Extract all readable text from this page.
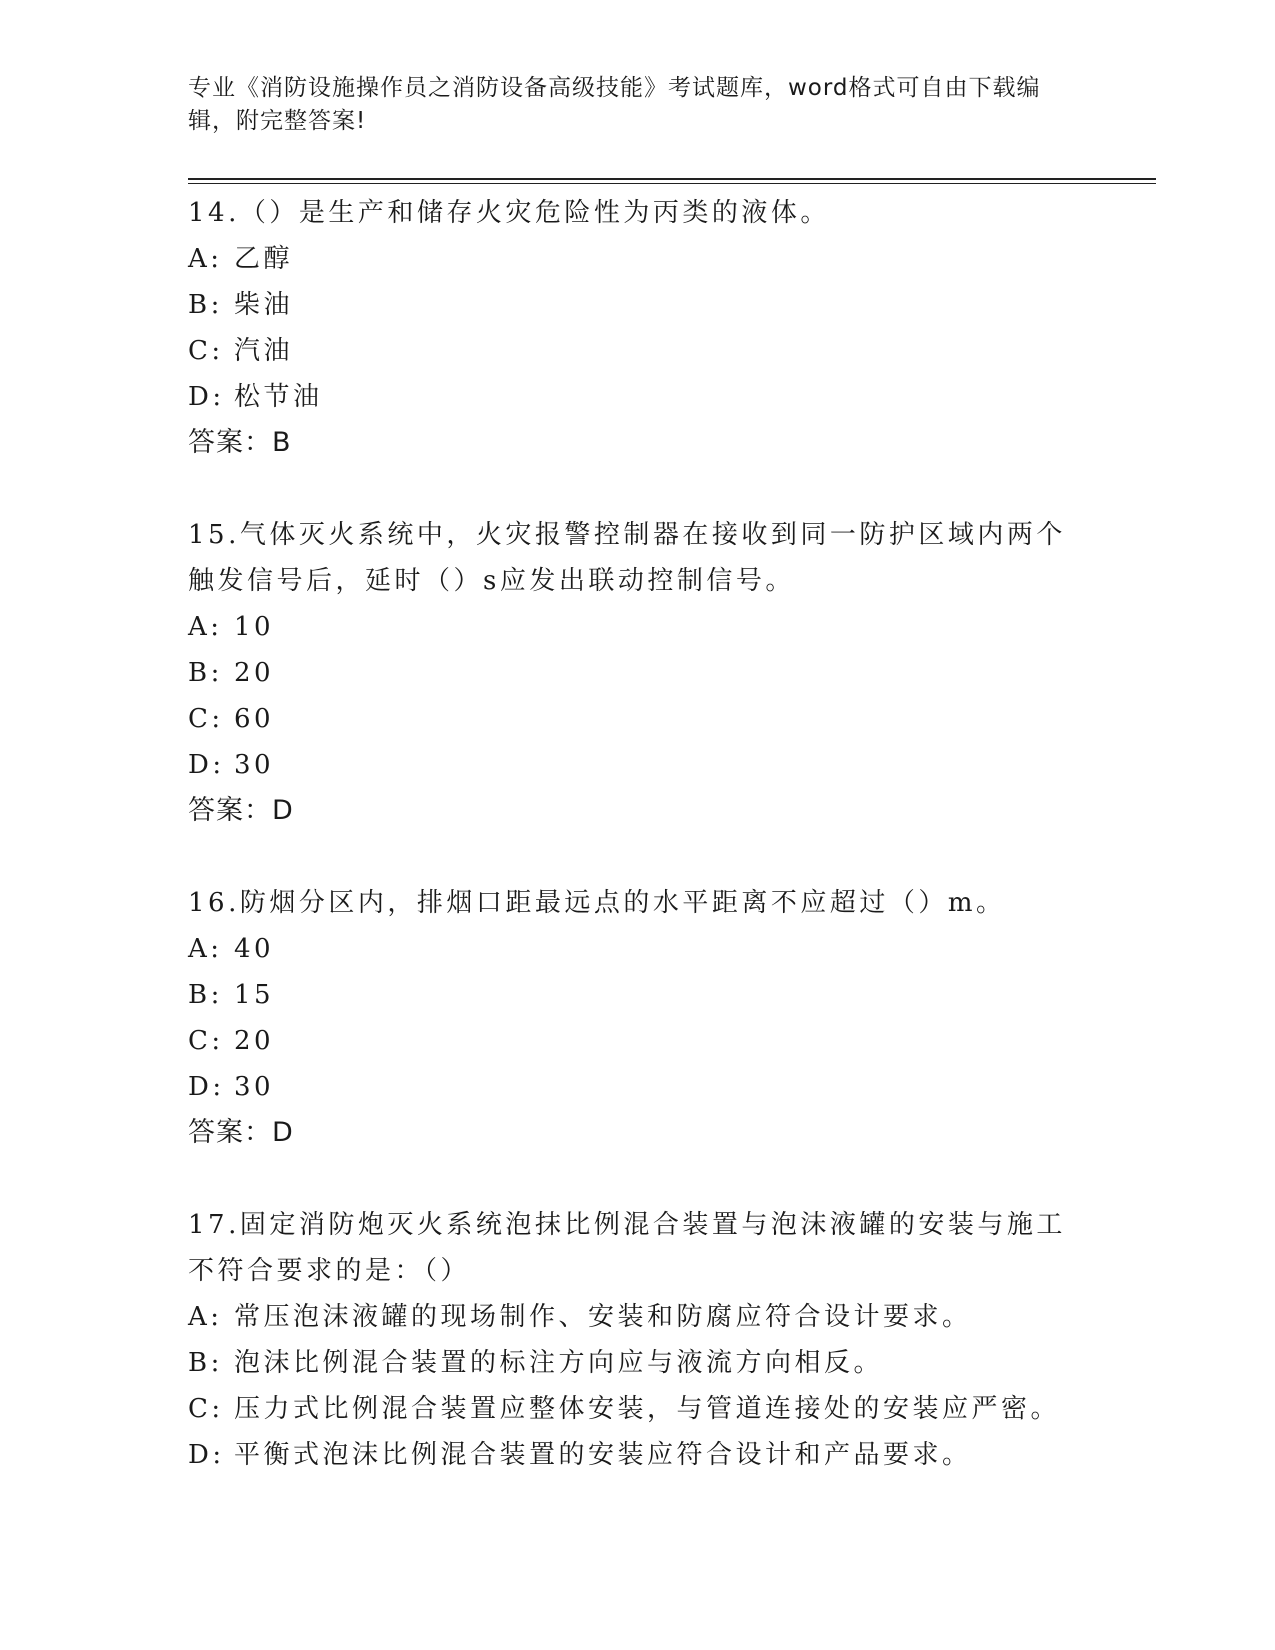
专业《消防设施操作员之消防设备高级技能》考试题库，word格式可自由下载编辑，附完整答案!

14.（）是生产和储存火灾危险性为丙类的液体。

A: 乙醇

B: 柴油

C: 汽油

D: 松节油

答案：B

15.气体灭火系统中，火灾报警控制器在接收到同一防护区域内两个触发信号后，延时（）s应发出联动控制信号。

A: 10

B: 20

C: 60

D: 30

答案：D

16.防烟分区内，排烟口距最远点的水平距离不应超过（）m。

A: 40

B: 15

C: 20

D: 30

答案：D

17.固定消防炮灭火系统泡抹比例混合装置与泡沫液罐的安装与施工不符合要求的是：（）

A: 常压泡沫液罐的现场制作、安装和防腐应符合设计要求。

B: 泡沫比例混合装置的标注方向应与液流方向相反。

C: 压力式比例混合装置应整体安装，与管道连接处的安装应严密。

D: 平衡式泡沫比例混合装置的安装应符合设计和产品要求。
